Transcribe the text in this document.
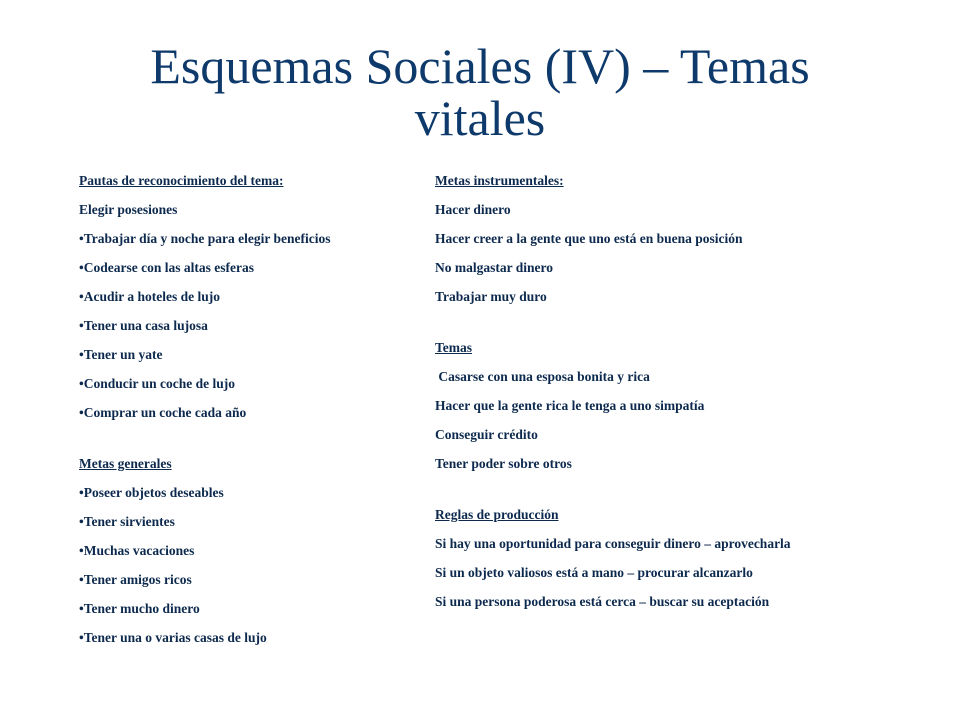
Esquemas Sociales (IV) – Temas vitales
Pautas de reconocimiento del tema:
Elegir posesiones
•Trabajar día y noche para elegir beneficios
•Codearse con las altas esferas
•Acudir a hoteles de lujo
•Tener una casa lujosa
•Tener un yate
•Conducir un coche de lujo
•Comprar un coche cada año
Metas generales
•Poseer objetos deseables
•Tener sirvientes
•Muchas vacaciones
•Tener amigos ricos
•Tener mucho dinero
•Tener una o varias casas de lujo
Metas instrumentales:
Hacer dinero
Hacer creer a la gente que uno está en buena posición
No malgastar dinero
Trabajar muy duro
Temas
Casarse con una esposa bonita y rica
Hacer que la gente rica le tenga a uno simpatía
Conseguir crédito
Tener poder sobre otros
Reglas de producción
Si hay una oportunidad para conseguir dinero – aprovecharla
Si un objeto valiosos está a mano – procurar alcanzarlo
Si una persona poderosa está cerca – buscar su aceptación
